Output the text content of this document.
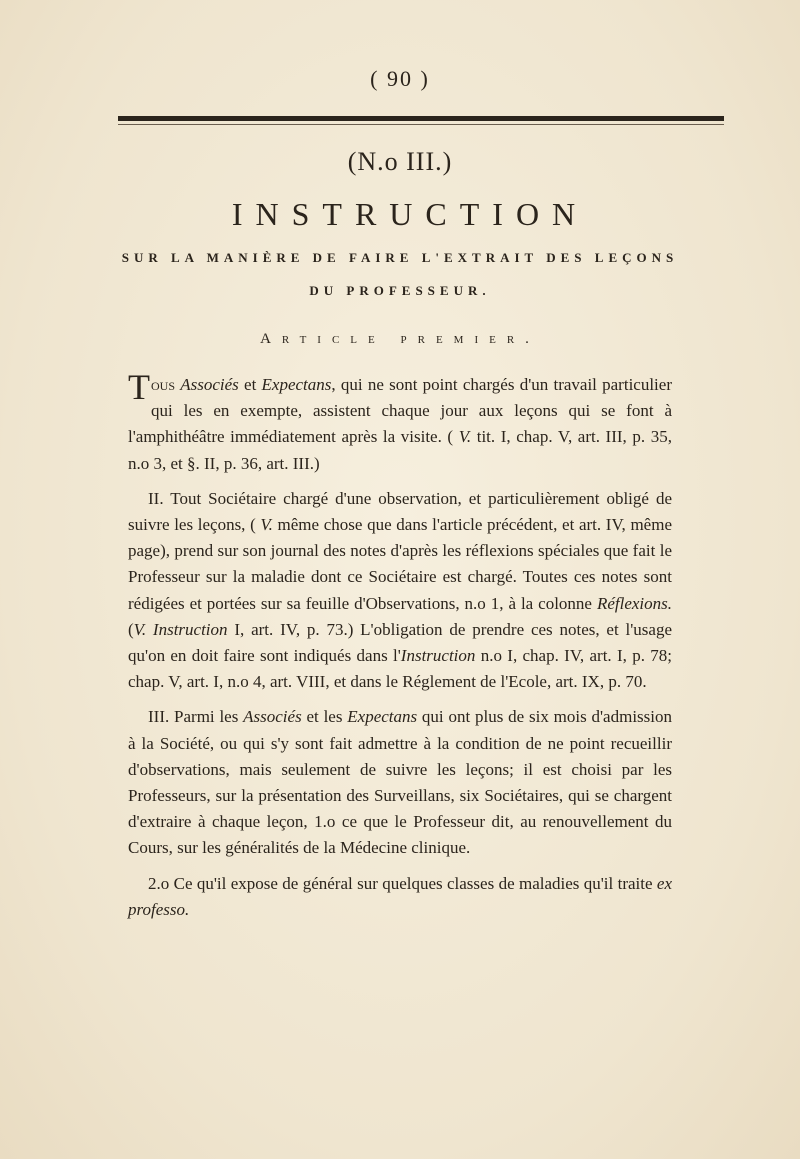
( 90 )
(N.o III.)
INSTRUCTION
SUR LA MANIÈRE DE FAIRE L'EXTRAIT DES LEÇONS
DU PROFESSEUR.
Article premier.

Tous Associés et Expectans, qui ne sont point chargés d'un travail particulier qui les en exempte, assistent chaque jour aux leçons qui se font à l'amphithéâtre immédiatement après la visite. ( V. tit. I, chap. V, art. III, p. 35, n.o 3, et §. II, p. 36, art. III.)

II. Tout Sociétaire chargé d'une observation, et particulièrement obligé de suivre les leçons, ( V. même chose que dans l'article précédent, et art. IV, même page), prend sur son journal des notes d'après les réflexions spéciales que fait le Professeur sur la maladie dont ce Sociétaire est chargé. Toutes ces notes sont rédigées et portées sur sa feuille d'Observations, n.o 1, à la colonne Réflexions. (V. Instruction I, art. IV, p. 73.) L'obligation de prendre ces notes, et l'usage qu'on en doit faire sont indiqués dans l'Instruction n.o I, chap. IV, art. I, p. 78; chap. V, art. I, n.o 4, art. VIII, et dans le Réglement de l'Ecole, art. IX, p. 70.

III. Parmi les Associés et les Expectans qui ont plus de six mois d'admission à la Société, ou qui s'y sont fait admettre à la condition de ne point recueillir d'observations, mais seulement de suivre les leçons; il est choisi par les Professeurs, sur la présentation des Surveillans, six Sociétaires, qui se chargent d'extraire à chaque leçon, 1.o ce que le Professeur dit, au renouvellement du Cours, sur les généralités de la Médecine clinique.

2.o Ce qu'il expose de général sur quelques classes de maladies qu'il traite ex professo.
